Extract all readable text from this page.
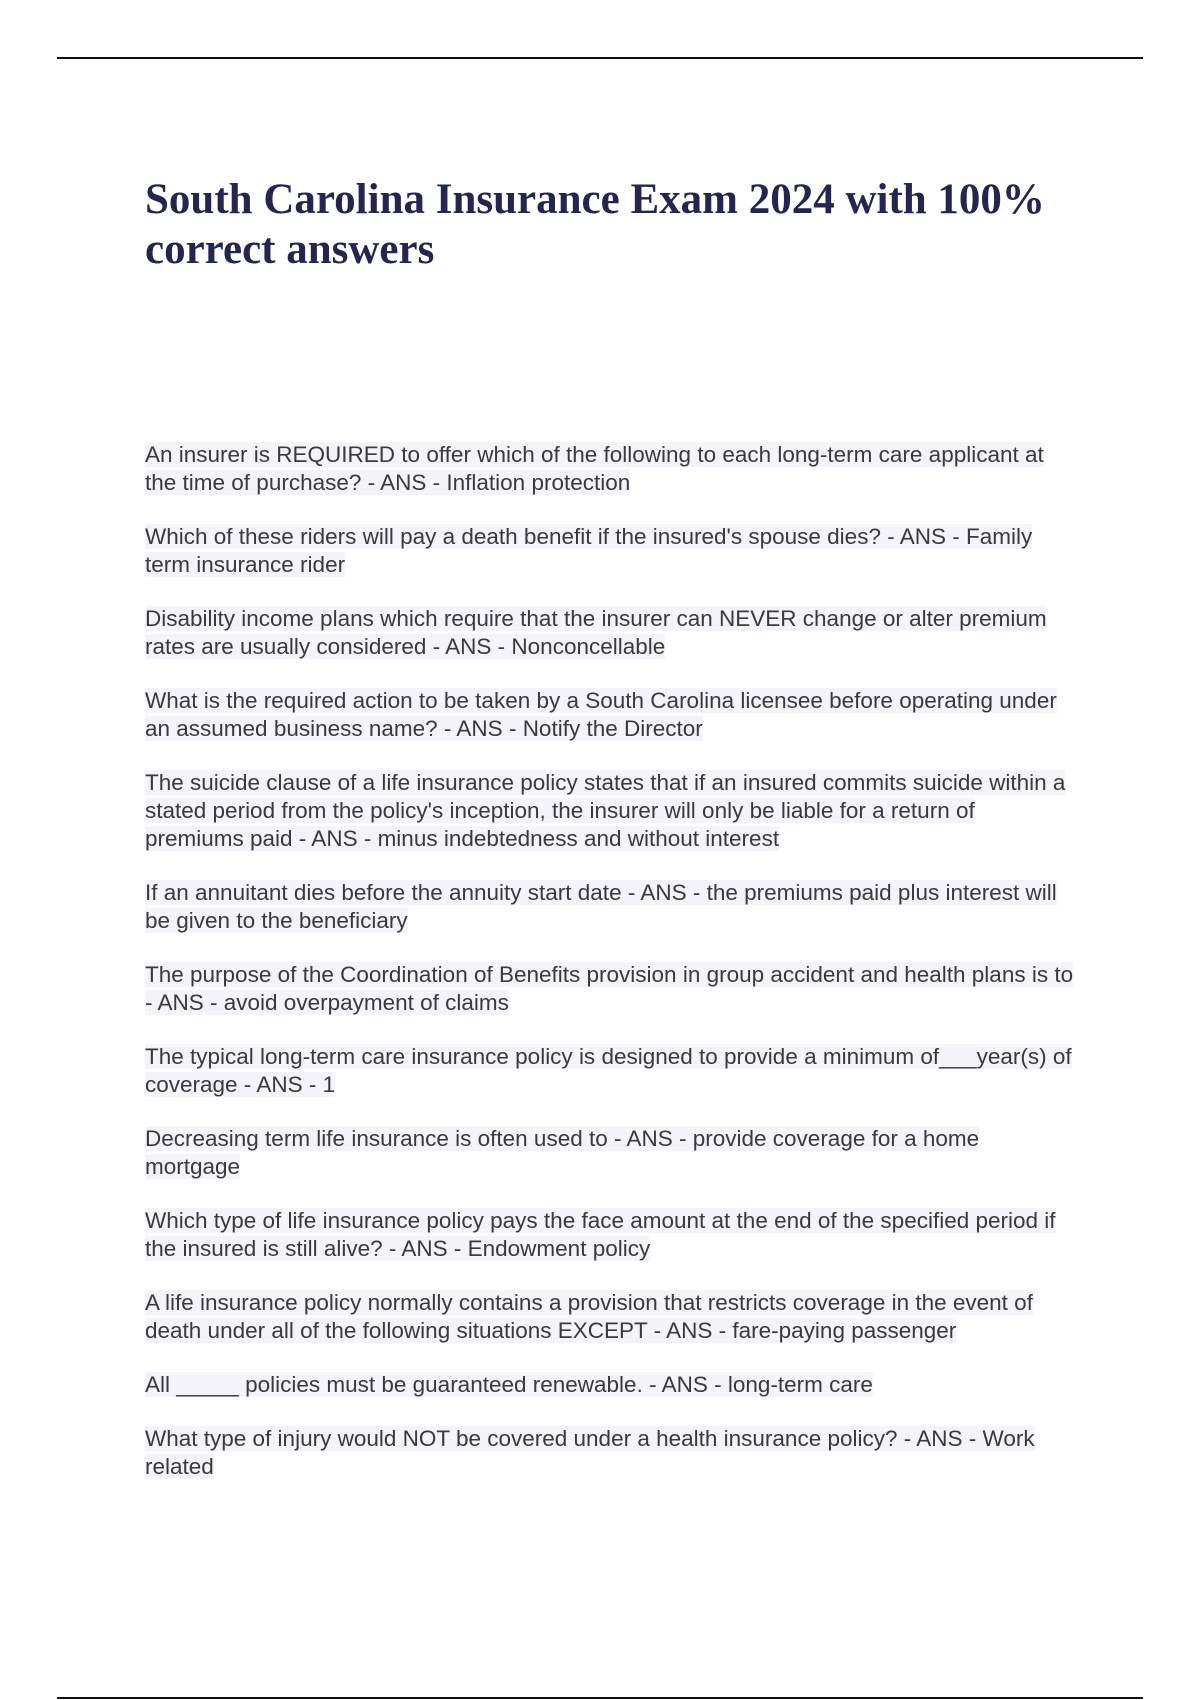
South Carolina Insurance Exam 2024 with 100% correct answers

An insurer is REQUIRED to offer which of the following to each long-term care applicant at the time of purchase? - ANS - Inflation protection

Which of these riders will pay a death benefit if the insured's spouse dies? - ANS - Family term insurance rider

Disability income plans which require that the insurer can NEVER change or alter premium rates are usually considered - ANS - Nonconcellable

What is the required action to be taken by a South Carolina licensee before operating under an assumed business name? - ANS - Notify the Director

The suicide clause of a life insurance policy states that if an insured commits suicide within a stated period from the policy's inception, the insurer will only be liable for a return of premiums paid - ANS - minus indebtedness and without interest

If an annuitant dies before the annuity start date - ANS - the premiums paid plus interest will be given to the beneficiary

The purpose of the Coordination of Benefits provision in group accident and health plans is to - ANS - avoid overpayment of claims

The typical long-term care insurance policy is designed to provide a minimum of___year(s) of coverage - ANS - 1

Decreasing term life insurance is often used to - ANS - provide coverage for a home mortgage

Which type of life insurance policy pays the face amount at the end of the specified period if the insured is still alive? - ANS - Endowment policy

A life insurance policy normally contains a provision that restricts coverage in the event of death under all of the following situations EXCEPT - ANS - fare-paying passenger

All _____ policies must be guaranteed renewable. - ANS - long-term care

What type of injury would NOT be covered under a health insurance policy? - ANS - Work related
